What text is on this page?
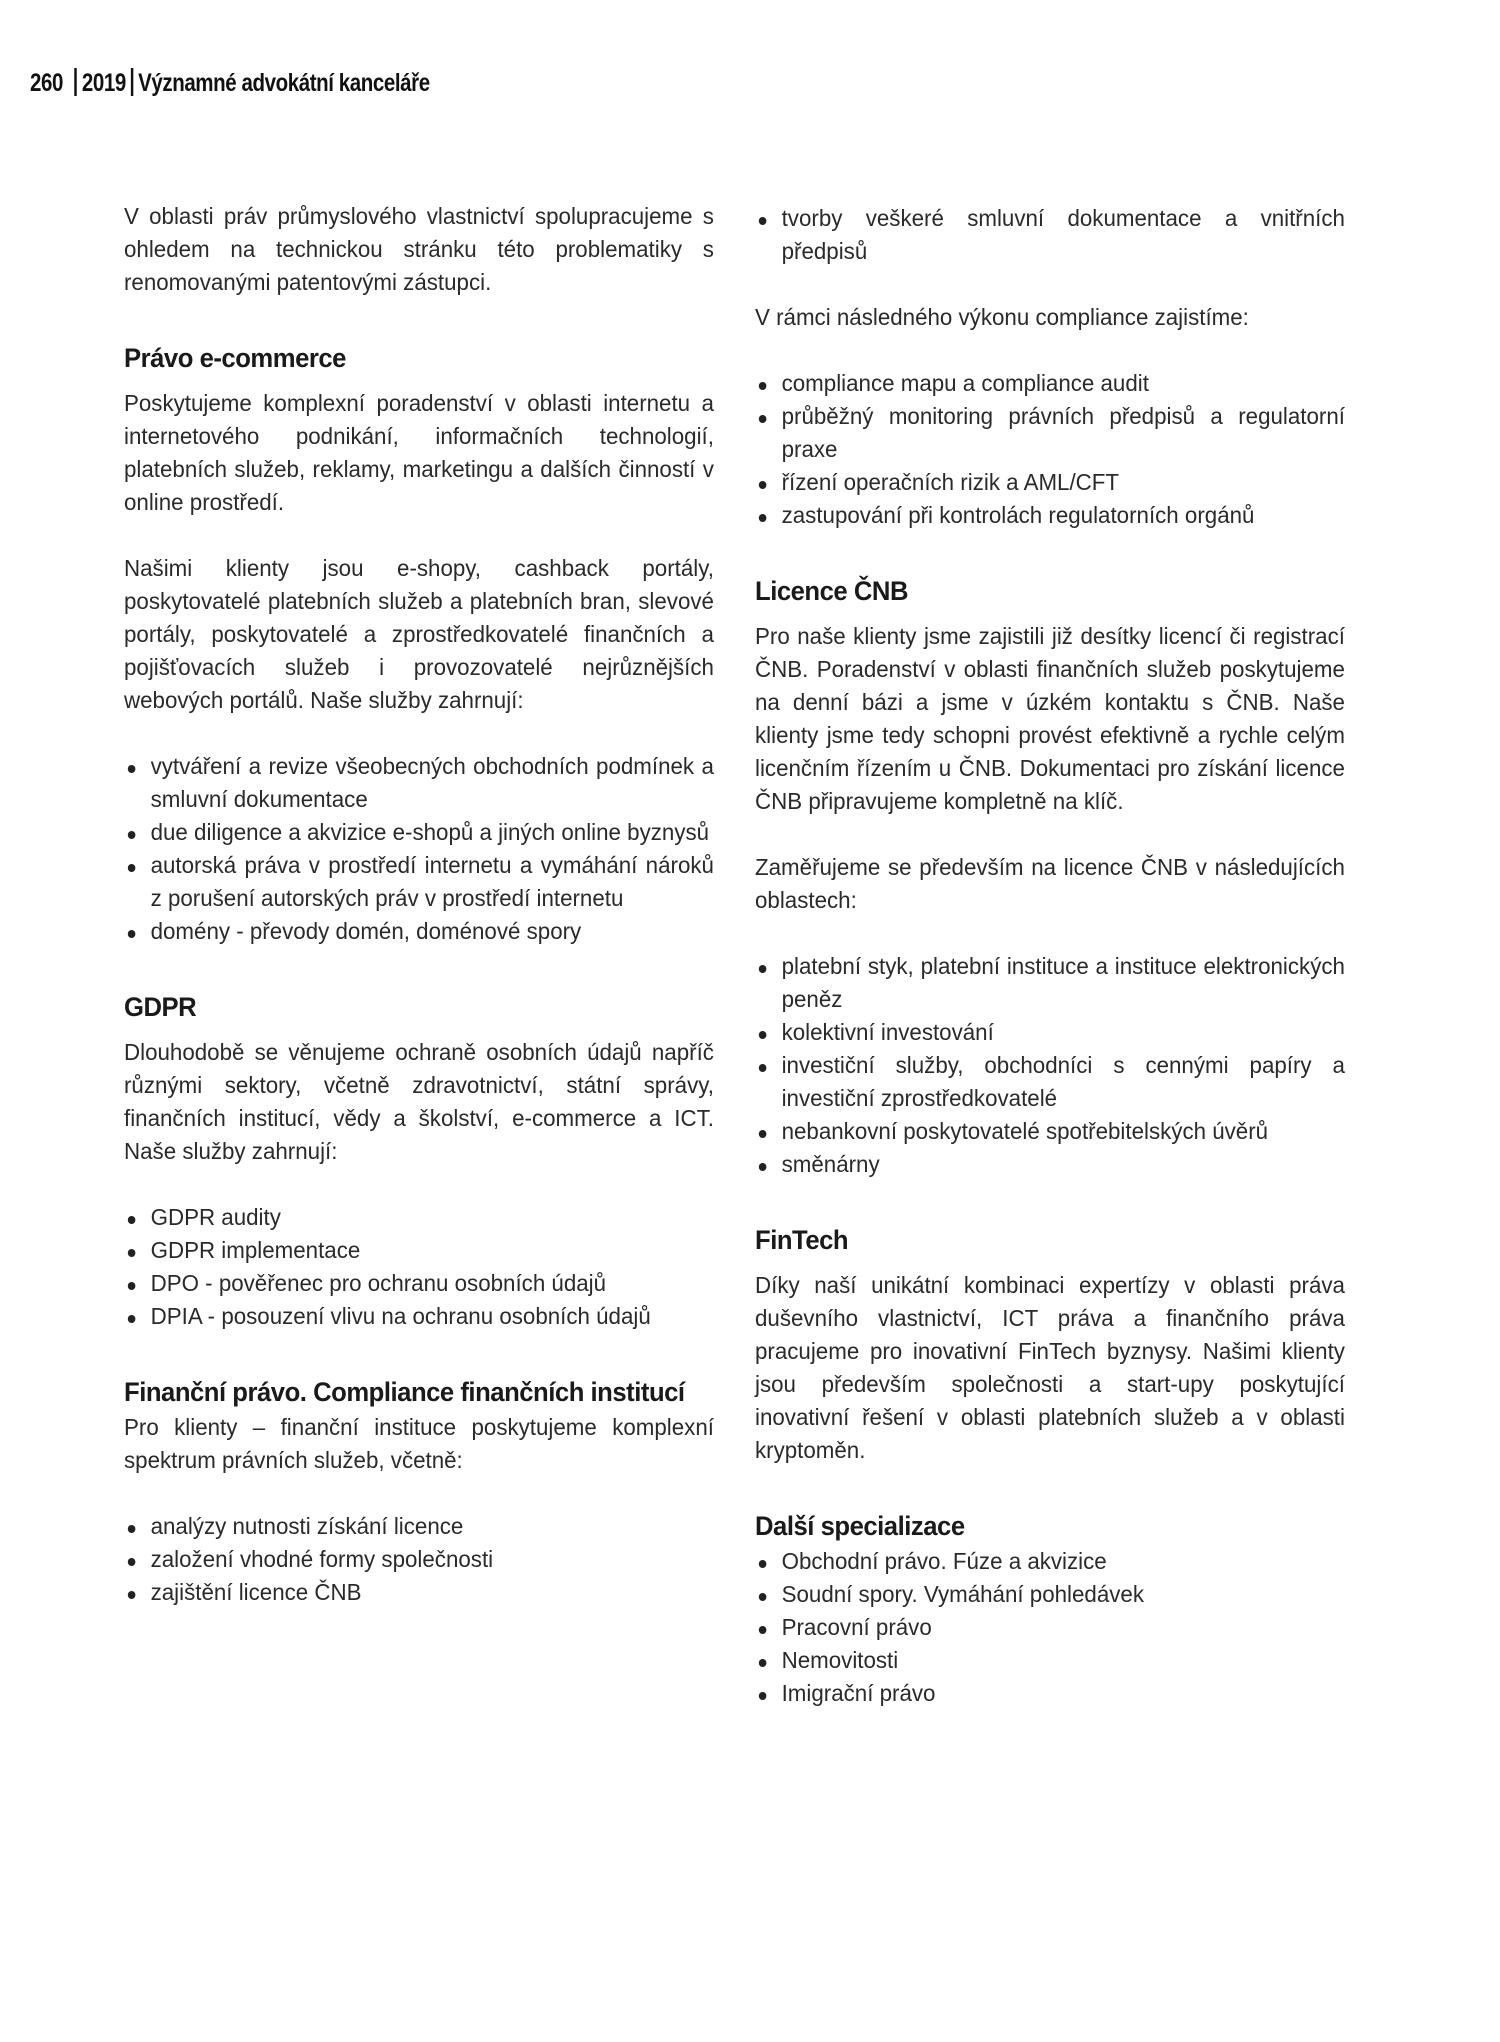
260 2019 Významné advokátní kanceláře

V oblasti práv průmyslového vlastnictví spolupracujeme s ohledem na technickou stránku této problematiky s renomovanými patentovými zástupci.

Právo e-commerce

Poskytujeme komplexní poradenství v oblasti internetu a internetového podnikání, informačních technologií, platebních služeb, reklamy, marketingu a dalších činností v online prostředí.

Našimi klienty jsou e-shopy, cashback portály, poskytovatelé platebních služeb a platebních bran, slevové portály, poskytovatelé a zprostředkovatelé finančních a pojišťovacích služeb i provozovatelé nejrůznějších webových portálů. Naše služby zahrnují:

vytváření a revize všeobecných obchodních podmínek a smluvní dokumentace
due diligence a akvizice e-shopů a jiných online byznysů
autorská práva v prostředí internetu a vymáhání nároků z porušení autorských práv v prostředí internetu
domény - převody domén, doménové spory
GDPR

Dlouhodobě se věnujeme ochraně osobních údajů napříč různými sektory, včetně zdravotnictví, státní správy, finančních institucí, vědy a školství, e-commerce a ICT. Naše služby zahrnují:

GDPR audity
GDPR implementace
DPO - pověřenec pro ochranu osobních údajů
DPIA - posouzení vlivu na ochranu osobních údajů
Finanční právo. Compliance finančních institucí

Pro klienty – finanční instituce poskytujeme komplexní spektrum právních služeb, včetně:

analýzy nutnosti získání licence
založení vhodné formy společnosti
zajištění licence ČNB
tvorby veškeré smluvní dokumentace a vnitřních předpisů

V rámci následného výkonu compliance zajistíme:

compliance mapu a compliance audit
průběžný monitoring právních předpisů a regulatorní praxe
řízení operačních rizik a AML/CFT
zastupování při kontrolách regulatorních orgánů
Licence ČNB

Pro naše klienty jsme zajistili již desítky licencí či registrací ČNB. Poradenství v oblasti finančních služeb poskytujeme na denní bázi a jsme v úzkém kontaktu s ČNB. Naše klienty jsme tedy schopni provést efektivně a rychle celým licenčním řízením u ČNB. Dokumentaci pro získání licence ČNB připravujeme kompletně na klíč.

Zaměřujeme se především na licence ČNB v následujících oblastech:

platební styk, platební instituce a instituce elektronických peněz
kolektivní investování
investiční služby, obchodníci s cennými papíry a investiční zprostředkovatelé
nebankovní poskytovatelé spotřebitelských úvěrů
směnárny
FinTech

Díky naší unikátní kombinaci expertízy v oblasti práva duševního vlastnictví, ICT práva a finančního práva pracujeme pro inovativní FinTech byznysy. Našimi klienty jsou především společnosti a start-upy poskytující inovativní řešení v oblasti platebních služeb a v oblasti kryptoměn.

Další specializace
Obchodní právo. Fúze a akvizice
Soudní spory. Vymáhání pohledávek
Pracovní právo
Nemovitosti
Imigrační právo
